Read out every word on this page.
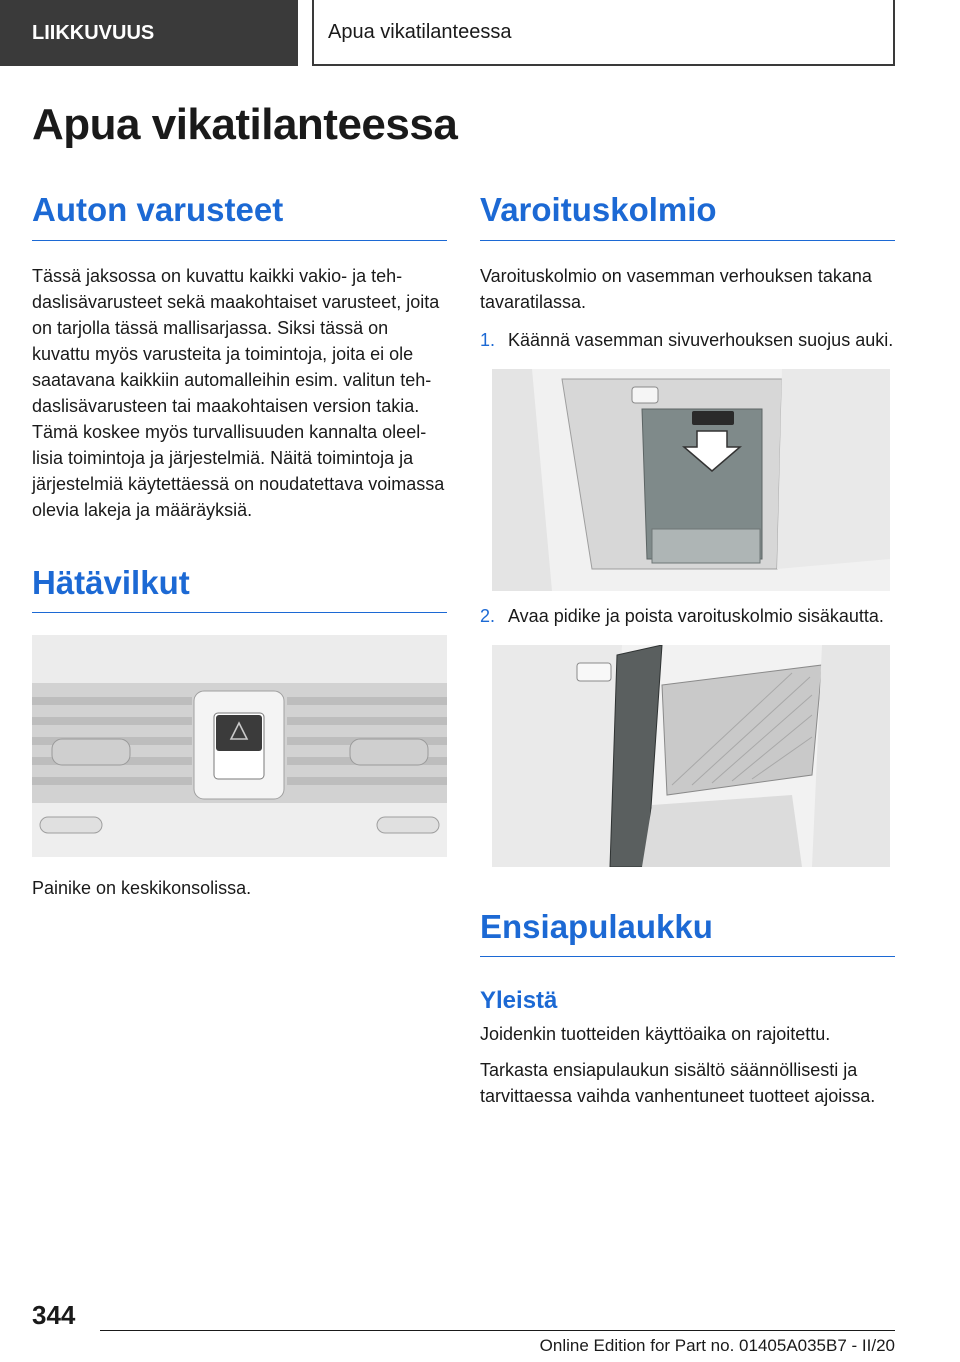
LIIKKUVUUS	Apua vikatilanteessa
Apua vikatilanteessa
Auton varusteet

Tässä jaksossa on kuvattu kaikki vakio- ja tehdaslisävarusteet sekä maakohtaiset varusteet, joita on tarjolla tässä mallisarjassa. Siksi tässä on kuvattu myös varusteita ja toimintoja, joita ei ole saatavana kaikkiin automalleihin esim. valitun tehdaslisävarusteen tai maakohtaisen version takia. Tämä koskee myös turvallisuuden kannalta oleellisia toimintoja ja järjestelmiä. Näitä toimintoja ja järjestelmiä käytettäessä on noudatettava voimassa olevia lakeja ja määräyksiä.

Hätävilkut

Painike on keskikonsolissa.

Varoituskolmio

Varoituskolmio on vasemman verhouksen takana tavaratilassa.

1. Käännä vasemman sivuverhouksen suojus auki.
2. Avaa pidike ja poista varoituskolmio sisäkautta.
Ensiapulaukku
Yleistä

Joidenkin tuotteiden käyttöaika on rajoitettu.

Tarkasta ensiapulaukun sisältö säännöllisesti ja tarvittaessa vaihda vanhentuneet tuotteet ajoissa.

344
Online Edition for Part no. 01405A035B7 - II/20
